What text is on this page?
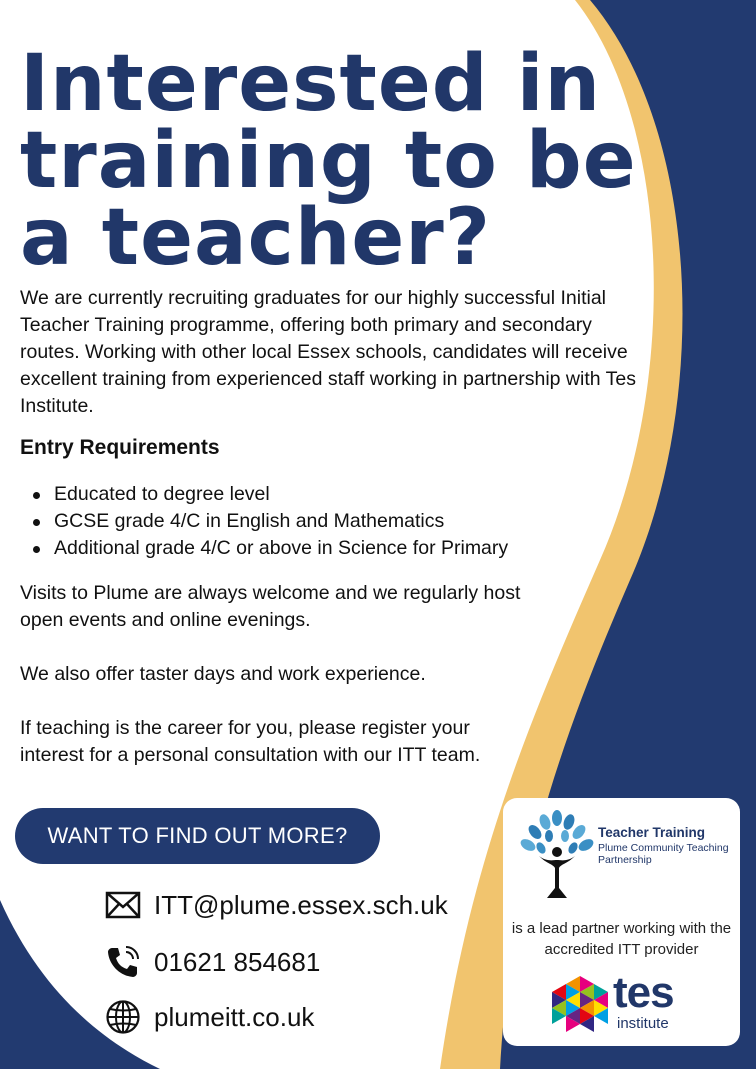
Interested in
training to be
a teacher?

We are currently recruiting graduates for our highly successful Initial Teacher Training programme, offering both primary and secondary routes. Working with other local Essex schools, candidates will receive excellent training from experienced staff working in partnership with Tes Institute.

Entry Requirements
Educated to degree level
GCSE grade 4/C in English and Mathematics
Additional grade 4/C or above in Science for Primary

Visits to Plume are always welcome and we regularly host open events and online evenings.

We also offer taster days and work experience.

If teaching is the career for you, please register your interest for a personal consultation with our ITT team.

WANT TO FIND OUT MORE?
ITT@plume.essex.sch.uk
01621 854681
plumeitt.co.uk
Teacher Training
Plume Community Teaching Partnership
is a lead partner working with the accredited ITT provider
tes
institute
